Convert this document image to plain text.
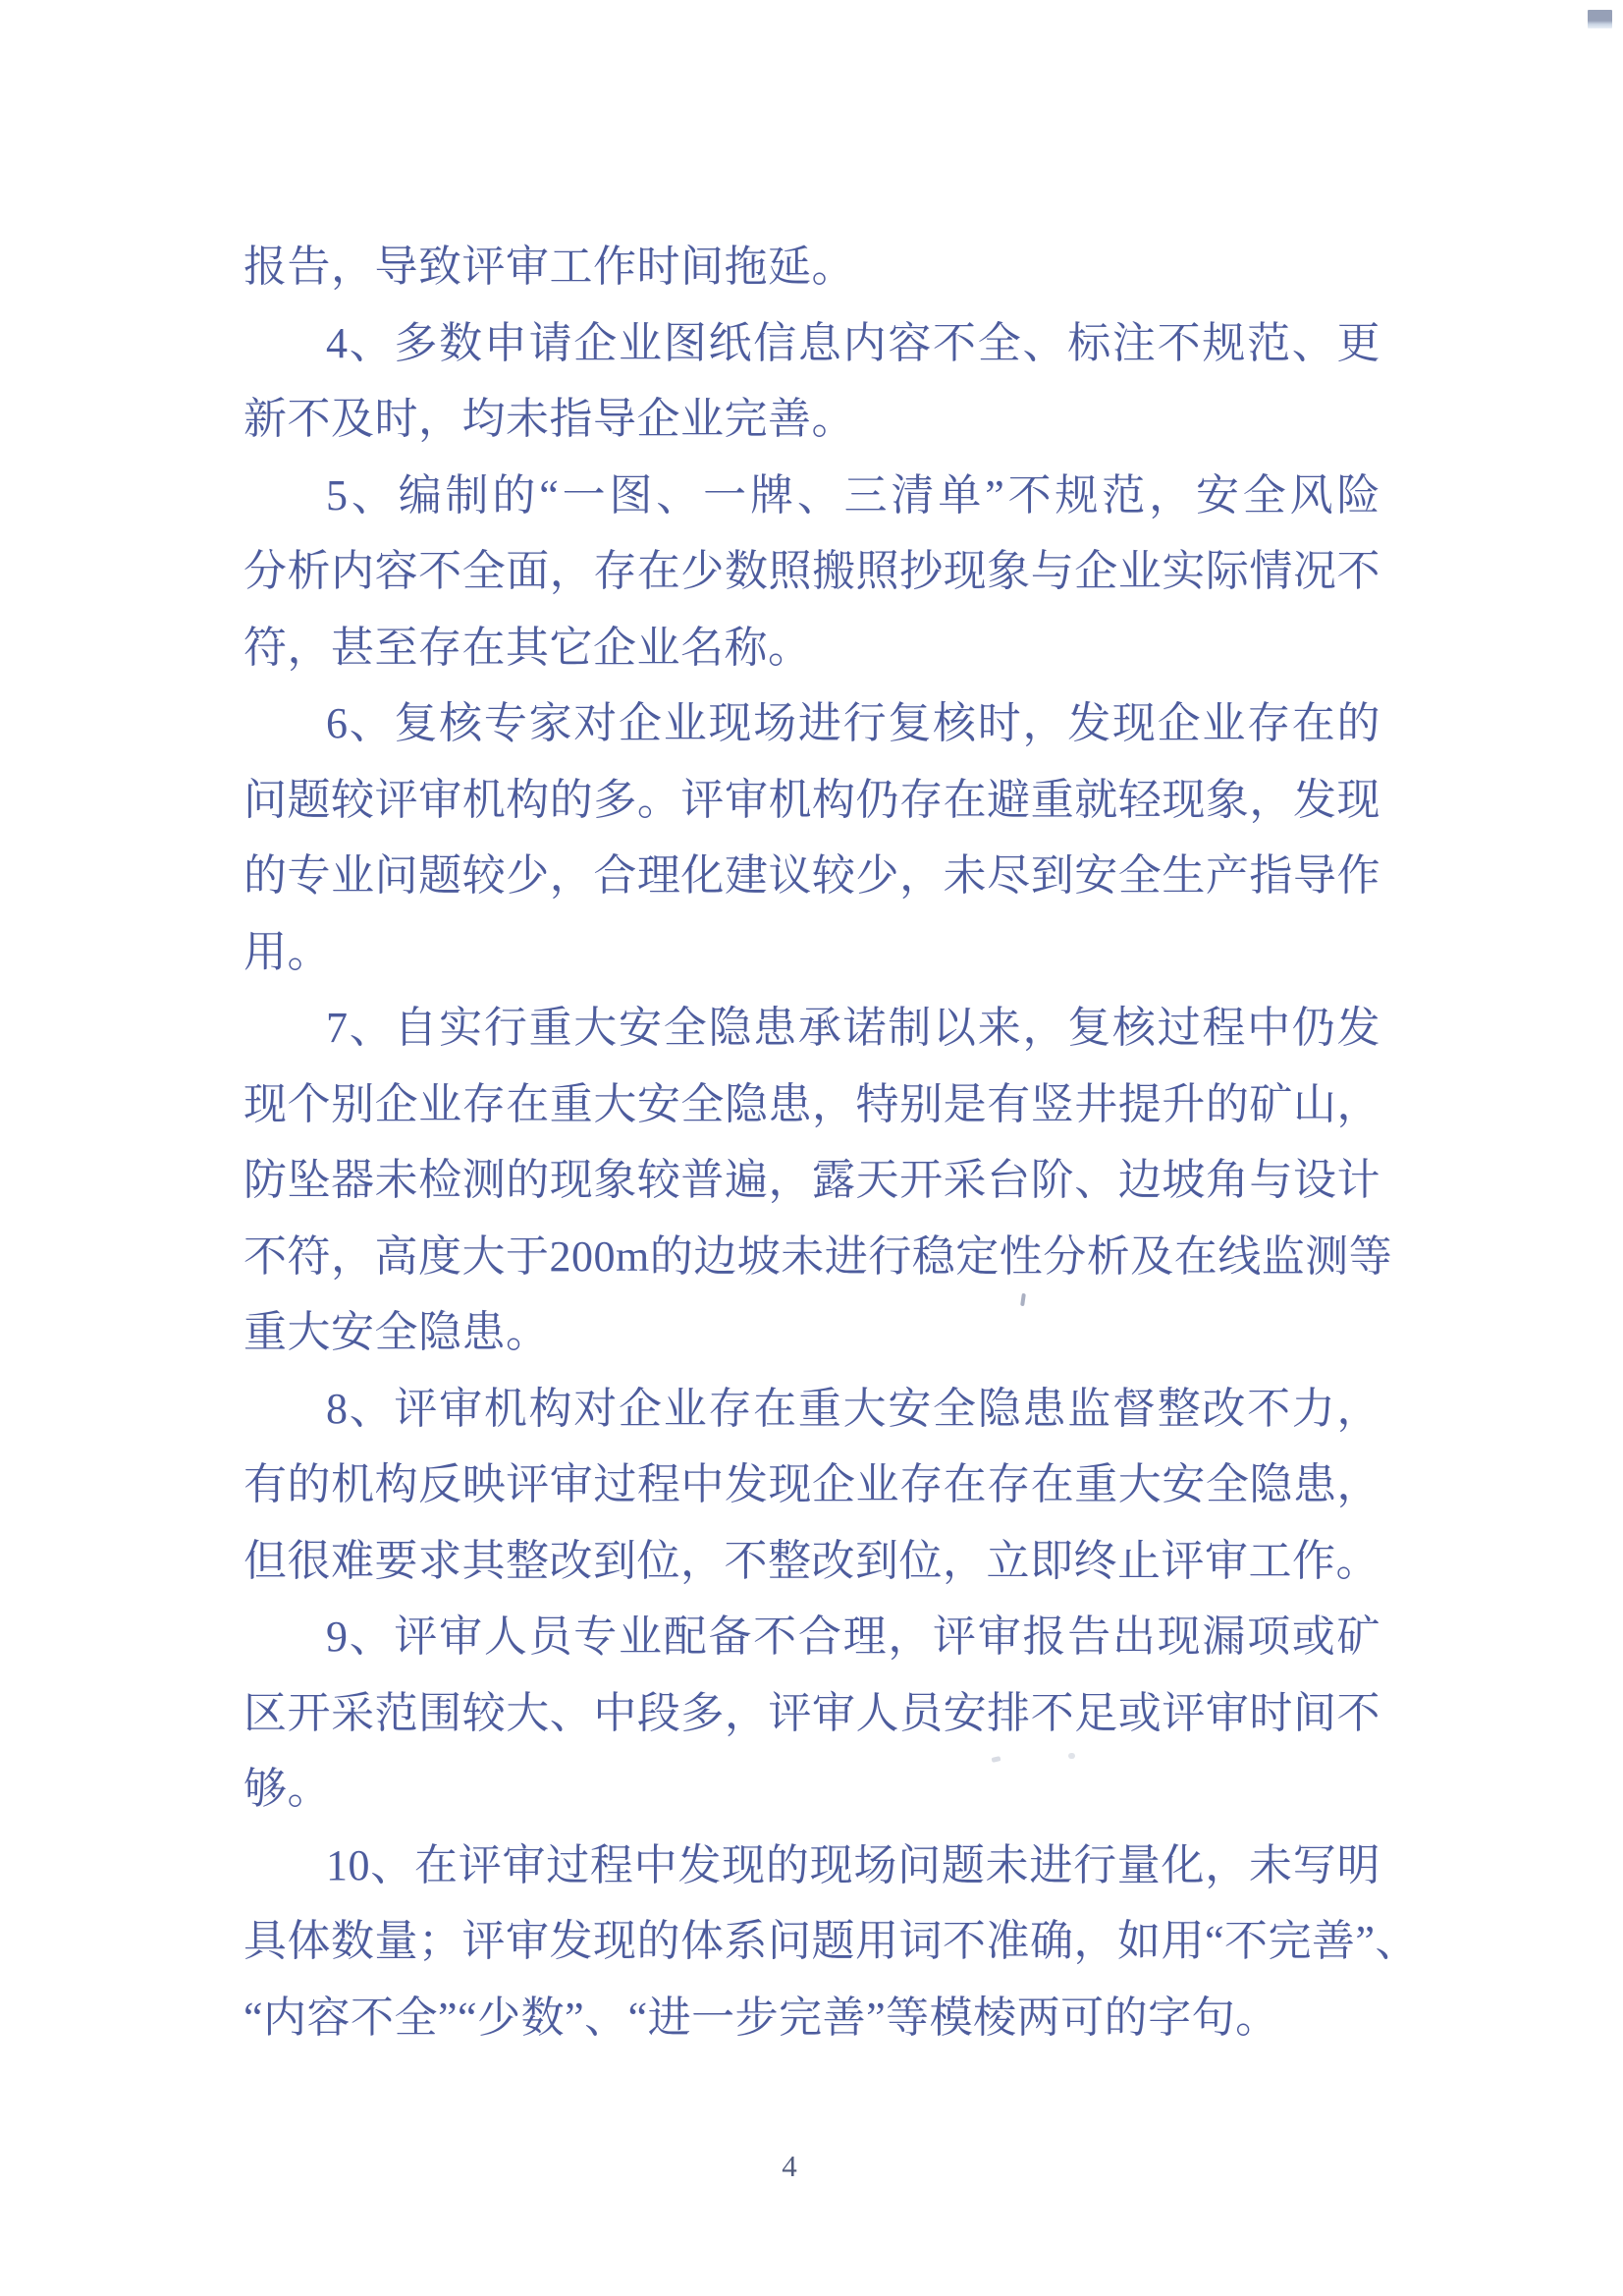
报告，导致评审工作时间拖延。
4、多数申请企业图纸信息内容不全、标注不规范、更
新不及时，均未指导企业完善。
5、编制的“一图、一牌、三清单”不规范，安全风险
分析内容不全面，存在少数照搬照抄现象与企业实际情况不
符，甚至存在其它企业名称。
6、复核专家对企业现场进行复核时，发现企业存在的
问题较评审机构的多。评审机构仍存在避重就轻现象，发现
的专业问题较少，合理化建议较少，未尽到安全生产指导作
用。
7、自实行重大安全隐患承诺制以来，复核过程中仍发
现个别企业存在重大安全隐患，特别是有竖井提升的矿山，
防坠器未检测的现象较普遍，露天开采台阶、边坡角与设计
不符，高度大于200m的边坡未进行稳定性分析及在线监测等
重大安全隐患。
8、评审机构对企业存在重大安全隐患监督整改不力，
有的机构反映评审过程中发现企业存在存在重大安全隐患，
但很难要求其整改到位，不整改到位，立即终止评审工作。
9、评审人员专业配备不合理，评审报告出现漏项或矿
区开采范围较大、中段多，评审人员安排不足或评审时间不
够。
10、在评审过程中发现的现场问题未进行量化，未写明
具体数量；评审发现的体系问题用词不准确，如用“不完善”、
“内容不全”“少数”、“进一步完善”等模棱两可的字句。
4
